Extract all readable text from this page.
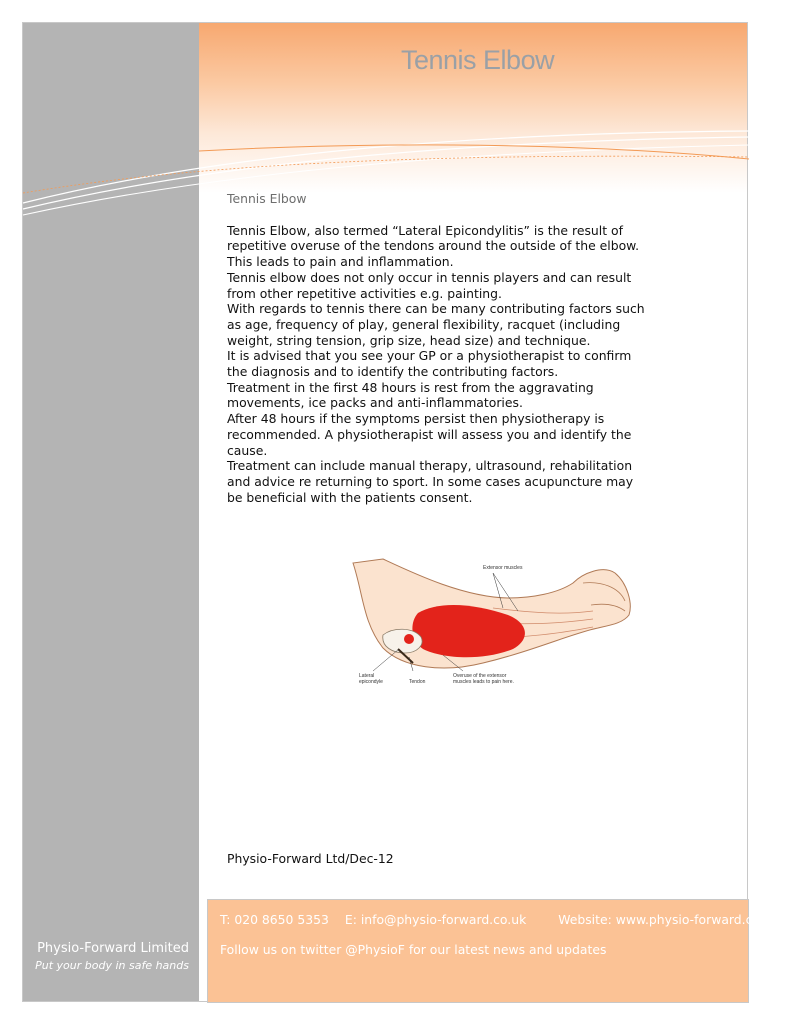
Tennis Elbow
Tennis Elbow

Tennis Elbow, also termed “Lateral Epicondylitis” is the result of repetitive overuse of the tendons around the outside of the elbow. This leads to pain and inflammation.

Tennis elbow does not only occur in tennis players and can result from other repetitive activities e.g. painting.

With regards to tennis there can be many contributing factors such as age, frequency of play, general flexibility, racquet (including weight, string tension, grip size, head size) and technique.

It is advised that you see your GP or a physiotherapist to confirm the diagnosis and to identify the contributing factors.

Treatment in the first 48 hours is rest from the aggravating movements, ice packs and anti-inflammatories.

After 48 hours if the symptoms persist then physiotherapy is recommended. A physiotherapist will assess you and identify the cause.

Treatment can include manual therapy, ultrasound, rehabilitation and advice re returning to sport. In some cases acupuncture may be beneficial with the patients consent.

Extensor muscles
Lateral
epicondyle	Tendon
Overuse of the extensor
muscles leads to pain here.
Physio-Forward Ltd/Dec-12
T: 020 8650 5353 E: info@physio-forward.co.uk	Website: www.physio-forward.co.uk
Follow us on twitter @PhysioF for our latest news and updates
Physio-Forward Limited
Put your body in safe hands
